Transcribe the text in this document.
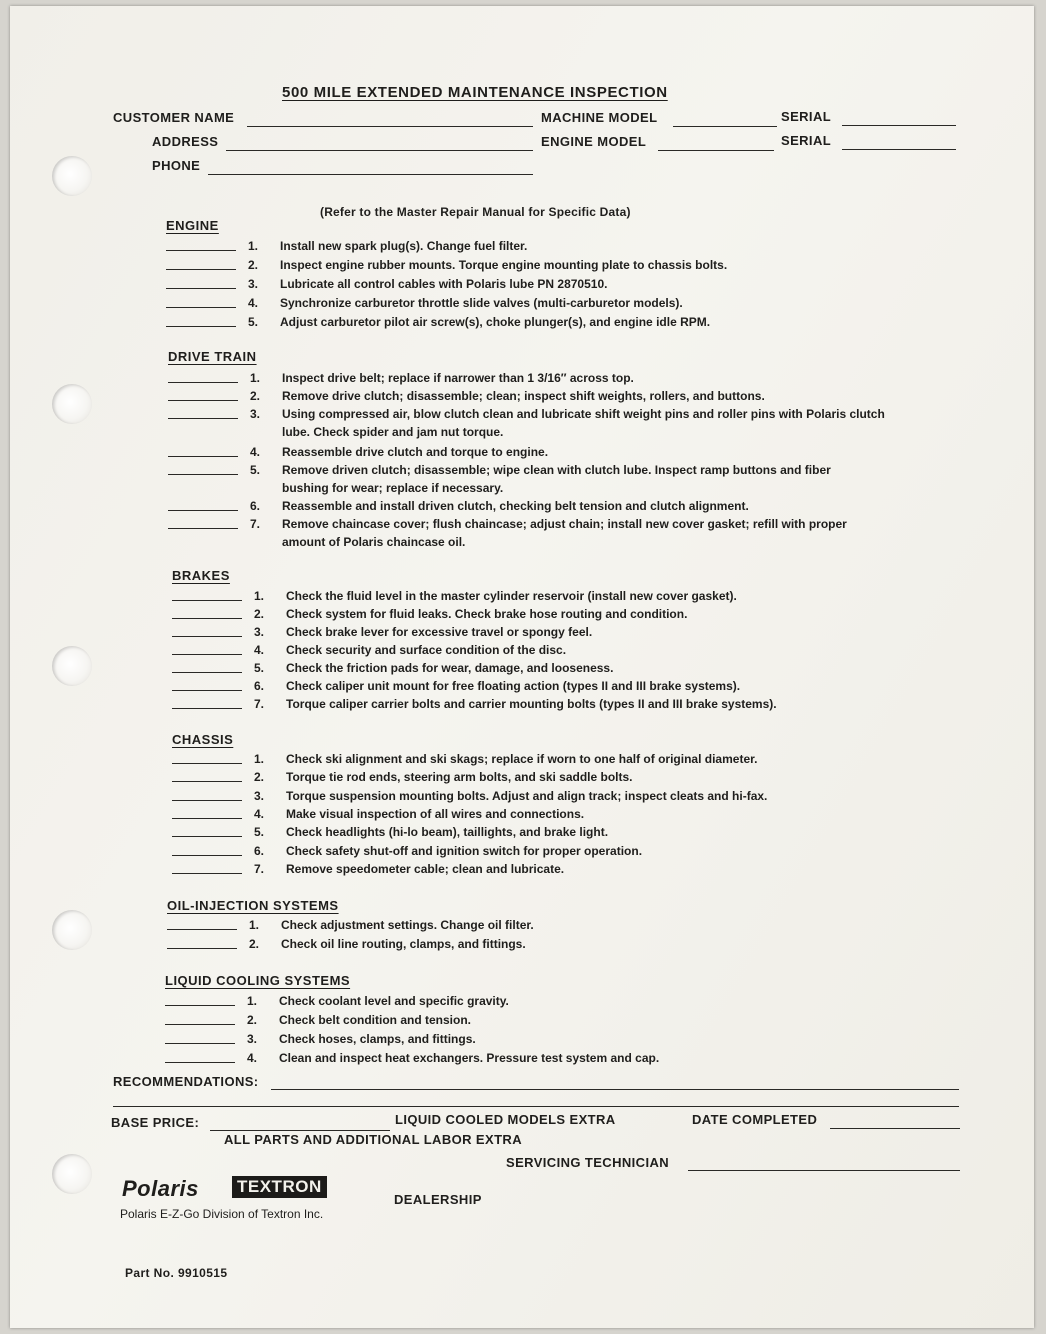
500 MILE EXTENDED MAINTENANCE INSPECTION
CUSTOMER NAME	MACHINE MODEL	SERIAL
ADDRESS	ENGINE MODEL	SERIAL
PHONE
(Refer to the Master Repair Manual for Specific Data)
ENGINE
1. Install new spark plug(s). Change fuel filter.
2. Inspect engine rubber mounts. Torque engine mounting plate to chassis bolts.
3. Lubricate all control cables with Polaris lube PN 2870510.
4. Synchronize carburetor throttle slide valves (multi-carburetor models).
5. Adjust carburetor pilot air screw(s), choke plunger(s), and engine idle RPM.
DRIVE TRAIN
1. Inspect drive belt; replace if narrower than 1 3/16″ across top.
2. Remove drive clutch; disassemble; clean; inspect shift weights, rollers, and buttons.
3. Using compressed air, blow clutch clean and lubricate shift weight pins and roller pins with Polaris clutch lube. Check spider and jam nut torque.
4. Reassemble drive clutch and torque to engine.
5. Remove driven clutch; disassemble; wipe clean with clutch lube. Inspect ramp buttons and fiber bushing for wear; replace if necessary.
6. Reassemble and install driven clutch, checking belt tension and clutch alignment.
7. Remove chaincase cover; flush chaincase; adjust chain; install new cover gasket; refill with proper amount of Polaris chaincase oil.
BRAKES
1. Check the fluid level in the master cylinder reservoir (install new cover gasket).
2. Check system for fluid leaks. Check brake hose routing and condition.
3. Check brake lever for excessive travel or spongy feel.
4. Check security and surface condition of the disc.
5. Check the friction pads for wear, damage, and looseness.
6. Check caliper unit mount for free floating action (types II and III brake systems).
7. Torque caliper carrier bolts and carrier mounting bolts (types II and III brake systems).
CHASSIS
1. Check ski alignment and ski skags; replace if worn to one half of original diameter.
2. Torque tie rod ends, steering arm bolts, and ski saddle bolts.
3. Torque suspension mounting bolts. Adjust and align track; inspect cleats and hi-fax.
4. Make visual inspection of all wires and connections.
5. Check headlights (hi-lo beam), taillights, and brake light.
6. Check safety shut-off and ignition switch for proper operation.
7. Remove speedometer cable; clean and lubricate.
OIL-INJECTION SYSTEMS
1. Check adjustment settings. Change oil filter.
2. Check oil line routing, clamps, and fittings.
LIQUID COOLING SYSTEMS
1. Check coolant level and specific gravity.
2. Check belt condition and tension.
3. Check hoses, clamps, and fittings.
4. Clean and inspect heat exchangers. Pressure test system and cap.
RECOMMENDATIONS:
BASE PRICE:	LIQUID COOLED MODELS EXTRA	DATE COMPLETED
ALL PARTS AND ADDITIONAL LABOR EXTRA
SERVICING TECHNICIAN
Polaris TEXTRON
Polaris E-Z-Go Division of Textron Inc.
DEALERSHIP
Part No. 9910515
